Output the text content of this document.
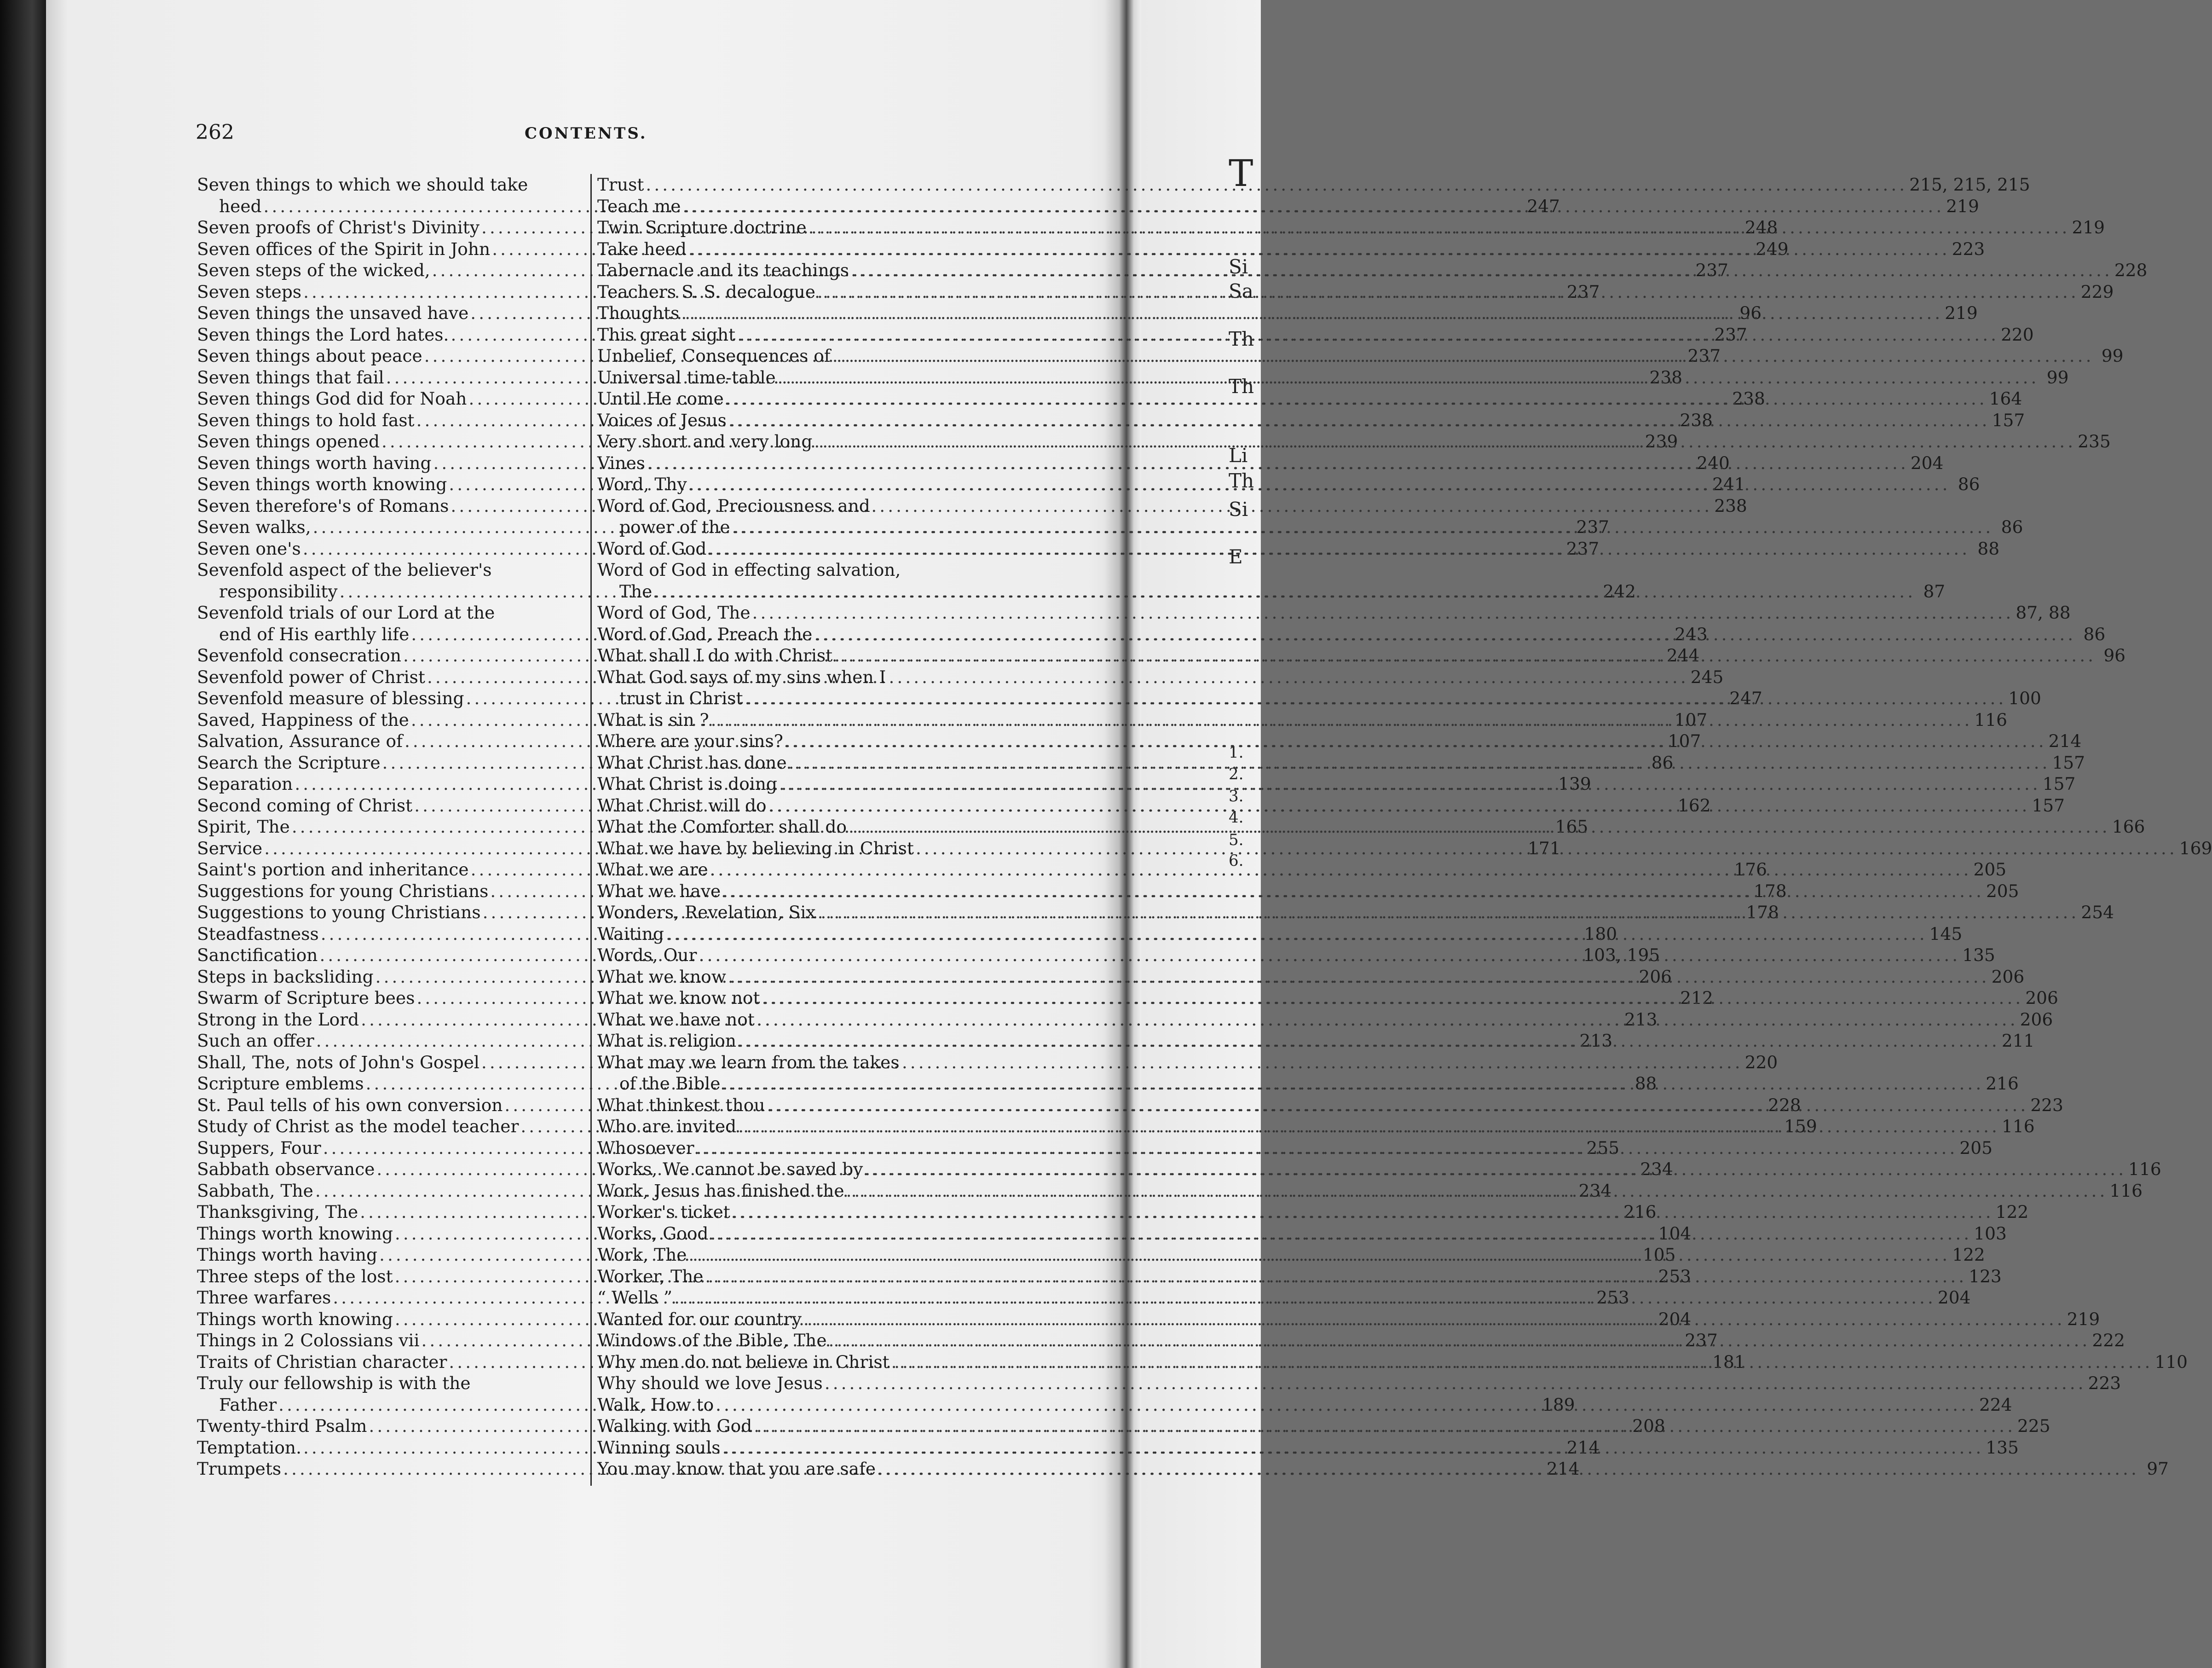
T
Si
Sa
Th
Th
Li
Th
Si
E
1.
2.
3.
4.
5.
6.
262	CONTENTS.
Seven things to which we should take
heed .....	247
Seven proofs of Christ's Divinity .....	248
Seven offices of the Spirit in John .....	249
Seven steps of the wicked, .....	237
Seven steps .....	237
Seven things the unsaved have .....	96
Seven things the Lord hates. .....	237
Seven things about peace .....	237
Seven things that fail .....	238
Seven things God did for Noah .....	238
Seven things to hold fast .....	238
Seven things opened .....	239
Seven things worth having .....	240
Seven things worth knowing .....	241
Seven therefore's of Romans .....	238
Seven walks, .....	237
Seven one's .....	237
Sevenfold aspect of the believer's
responsibility .....	242
Sevenfold trials of our Lord at the
end of His earthly life .....	243
Sevenfold consecration .....	244
Sevenfold power of Christ .....	245
Sevenfold measure of blessing .....	247
Saved, Happiness of the .....	107
Salvation, Assurance of .....	107
Search the Scripture .....	86
Separation .....	139
Second coming of Christ .....	162
Spirit, The .....	165
Service .....	171
Saint's portion and inheritance .....	176
Suggestions for young Christians .....	178
Suggestions to young Christians .....	178
Steadfastness .....	180
Sanctification .....	103, 195
Steps in backsliding .....	206
Swarm of Scripture bees .....	212
Strong in the Lord .....	213
Such an offer .....	213
Shall, The, nots of John's Gospel .....	220
Scripture emblems .....	88
St. Paul tells of his own conversion .....	228
Study of Christ as the model teacher .....	159
Suppers, Four .....	255
Sabbath observance .....	234
Sabbath, The .....	234
Thanksgiving, The .....	216
Things worth knowing .....	104
Things worth having .....	105
Three steps of the lost .....	253
Three warfares .....	253
Things worth knowing .....	204
Things in 2 Colossians vii .....	237
Traits of Christian character .....	181
Truly our fellowship is with the
Father .....	189
Twenty-third Psalm .....	208
Temptation. .....	214
Trumpets .....	214
Trust .....	215, 215, 215
Teach me .....	219
Twin Scripture doctrine .....	219
Take heed .....	223
Tabernacle and its teachings .....	228
Teachers S. S. decalogue .....	229
Thoughts .....	219
This great sight .....	220
Unbelief, Consequences of .....	99
Universal time-table .....	99
Until He come .....	164
Voices of Jesus .....	157
Very short and very long .....	235
Vines .....	204
Word, Thy .....	86
Word of God, Preciousness and
power of the .....	86
Word of God .....	88
Word of God in effecting salvation,
The .....	87
Word of God, The .....	87, 88
Word of God, Preach the .....	86
What shall I do with Christ .....	96
What God says of my sins when I
trust in Christ .....	100
What is sin ? .....	116
Where are your sins? .....	214
What Christ has done .....	157
What Christ is doing .....	157
What Christ will do .....	157
What the Comforter shall do .....	166
What we have by believing in Christ .....	169
What we are .....	205
What we have .....	205
Wonders, Revelation, Six .....	254
Waiting .....	145
Words, Our .....	135
What we know .....	206
What we know not .....	206
What we have not .....	206
What is religion .....	211
What may we learn from the takes
of the Bible .....	216
What thinkest thou .....	223
Who are invited .....	116
Whosoever .....	205
Works, We cannot be saved by .....	116
Work, Jesus has finished the .....	116
Worker's ticket .....	122
Works, Good .....	103
Work, The .....	122
Worker, The .....	123
“ Wells ” .....	204
Wanted for our country .....	219
Windows of the Bible, The .....	222
Why men do not believe in Christ .....	110
Why should we love Jesus .....	223
Walk, How to .....	224
Walking with God .....	225
Winning souls .....	135
You may know that you are safe .....	97
